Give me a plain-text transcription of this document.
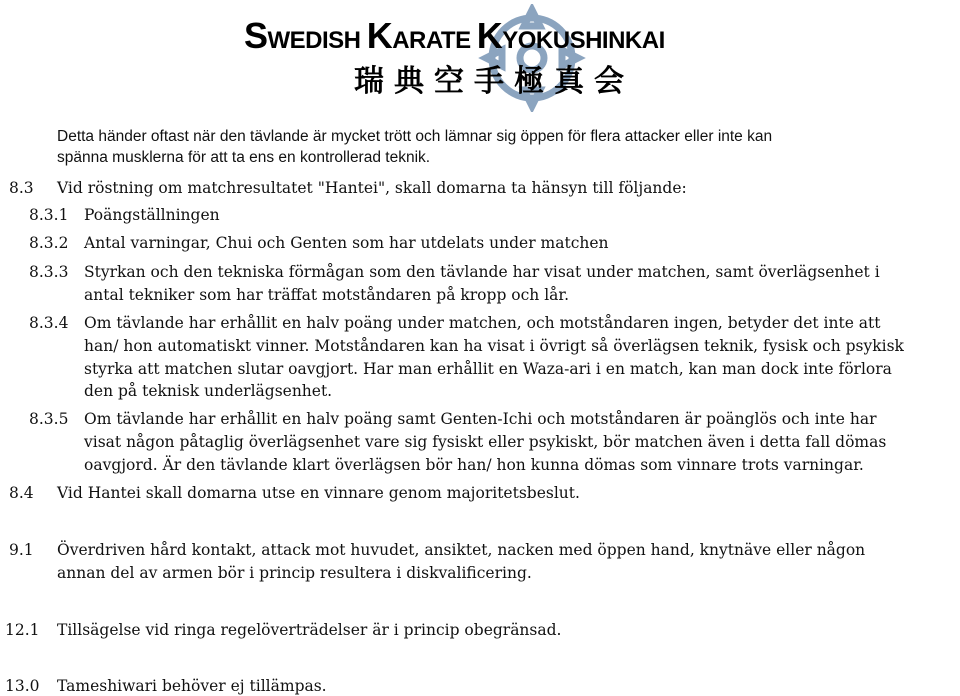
SWEDISH KARATE KYOKUSHINKAI
瑞典空手極真会
Detta händer oftast när den tävlande är mycket trött och lämnar sig öppen för flera attacker eller inte kan
spänna musklerna för att ta ens en kontrollerad teknik.
8.3 Vid röstning om matchresultatet "Hantei", skall domarna ta hänsyn till följande:
8.3.1 Poängställningen
8.3.2 Antal varningar, Chui och Genten som har utdelats under matchen
8.3.3 Styrkan och den tekniska förmågan som den tävlande har visat under matchen, samt överlägsenhet i
antal tekniker som har träffat motståndaren på kropp och lår.
8.3.4 Om tävlande har erhållit en halv poäng under matchen, och motståndaren ingen, betyder det inte att
han/ hon automatiskt vinner. Motståndaren kan ha visat i övrigt så överlägsen teknik, fysisk och psykisk
styrka att matchen slutar oavgjort. Har man erhållit en Waza-ari i en match, kan man dock inte förlora
den på teknisk underlägsenhet.
8.3.5 Om tävlande har erhållit en halv poäng samt Genten-Ichi och motståndaren är poänglös och inte har
visat någon påtaglig överlägsenhet vare sig fysiskt eller psykiskt, bör matchen även i detta fall dömas
oavgjord. Är den tävlande klart överlägsen bör han/ hon kunna dömas som vinnare trots varningar.
8.4 Vid Hantei skall domarna utse en vinnare genom majoritetsbeslut.
9.1 Överdriven hård kontakt, attack mot huvudet, ansiktet, nacken med öppen hand, knytnäve eller någon
annan del av armen bör i princip resultera i diskvalificering.
12.1 Tillsägelse vid ringa regelöverträdelser är i princip obegränsad.
13.0 Tameshiwari behöver ej tillämpas.
